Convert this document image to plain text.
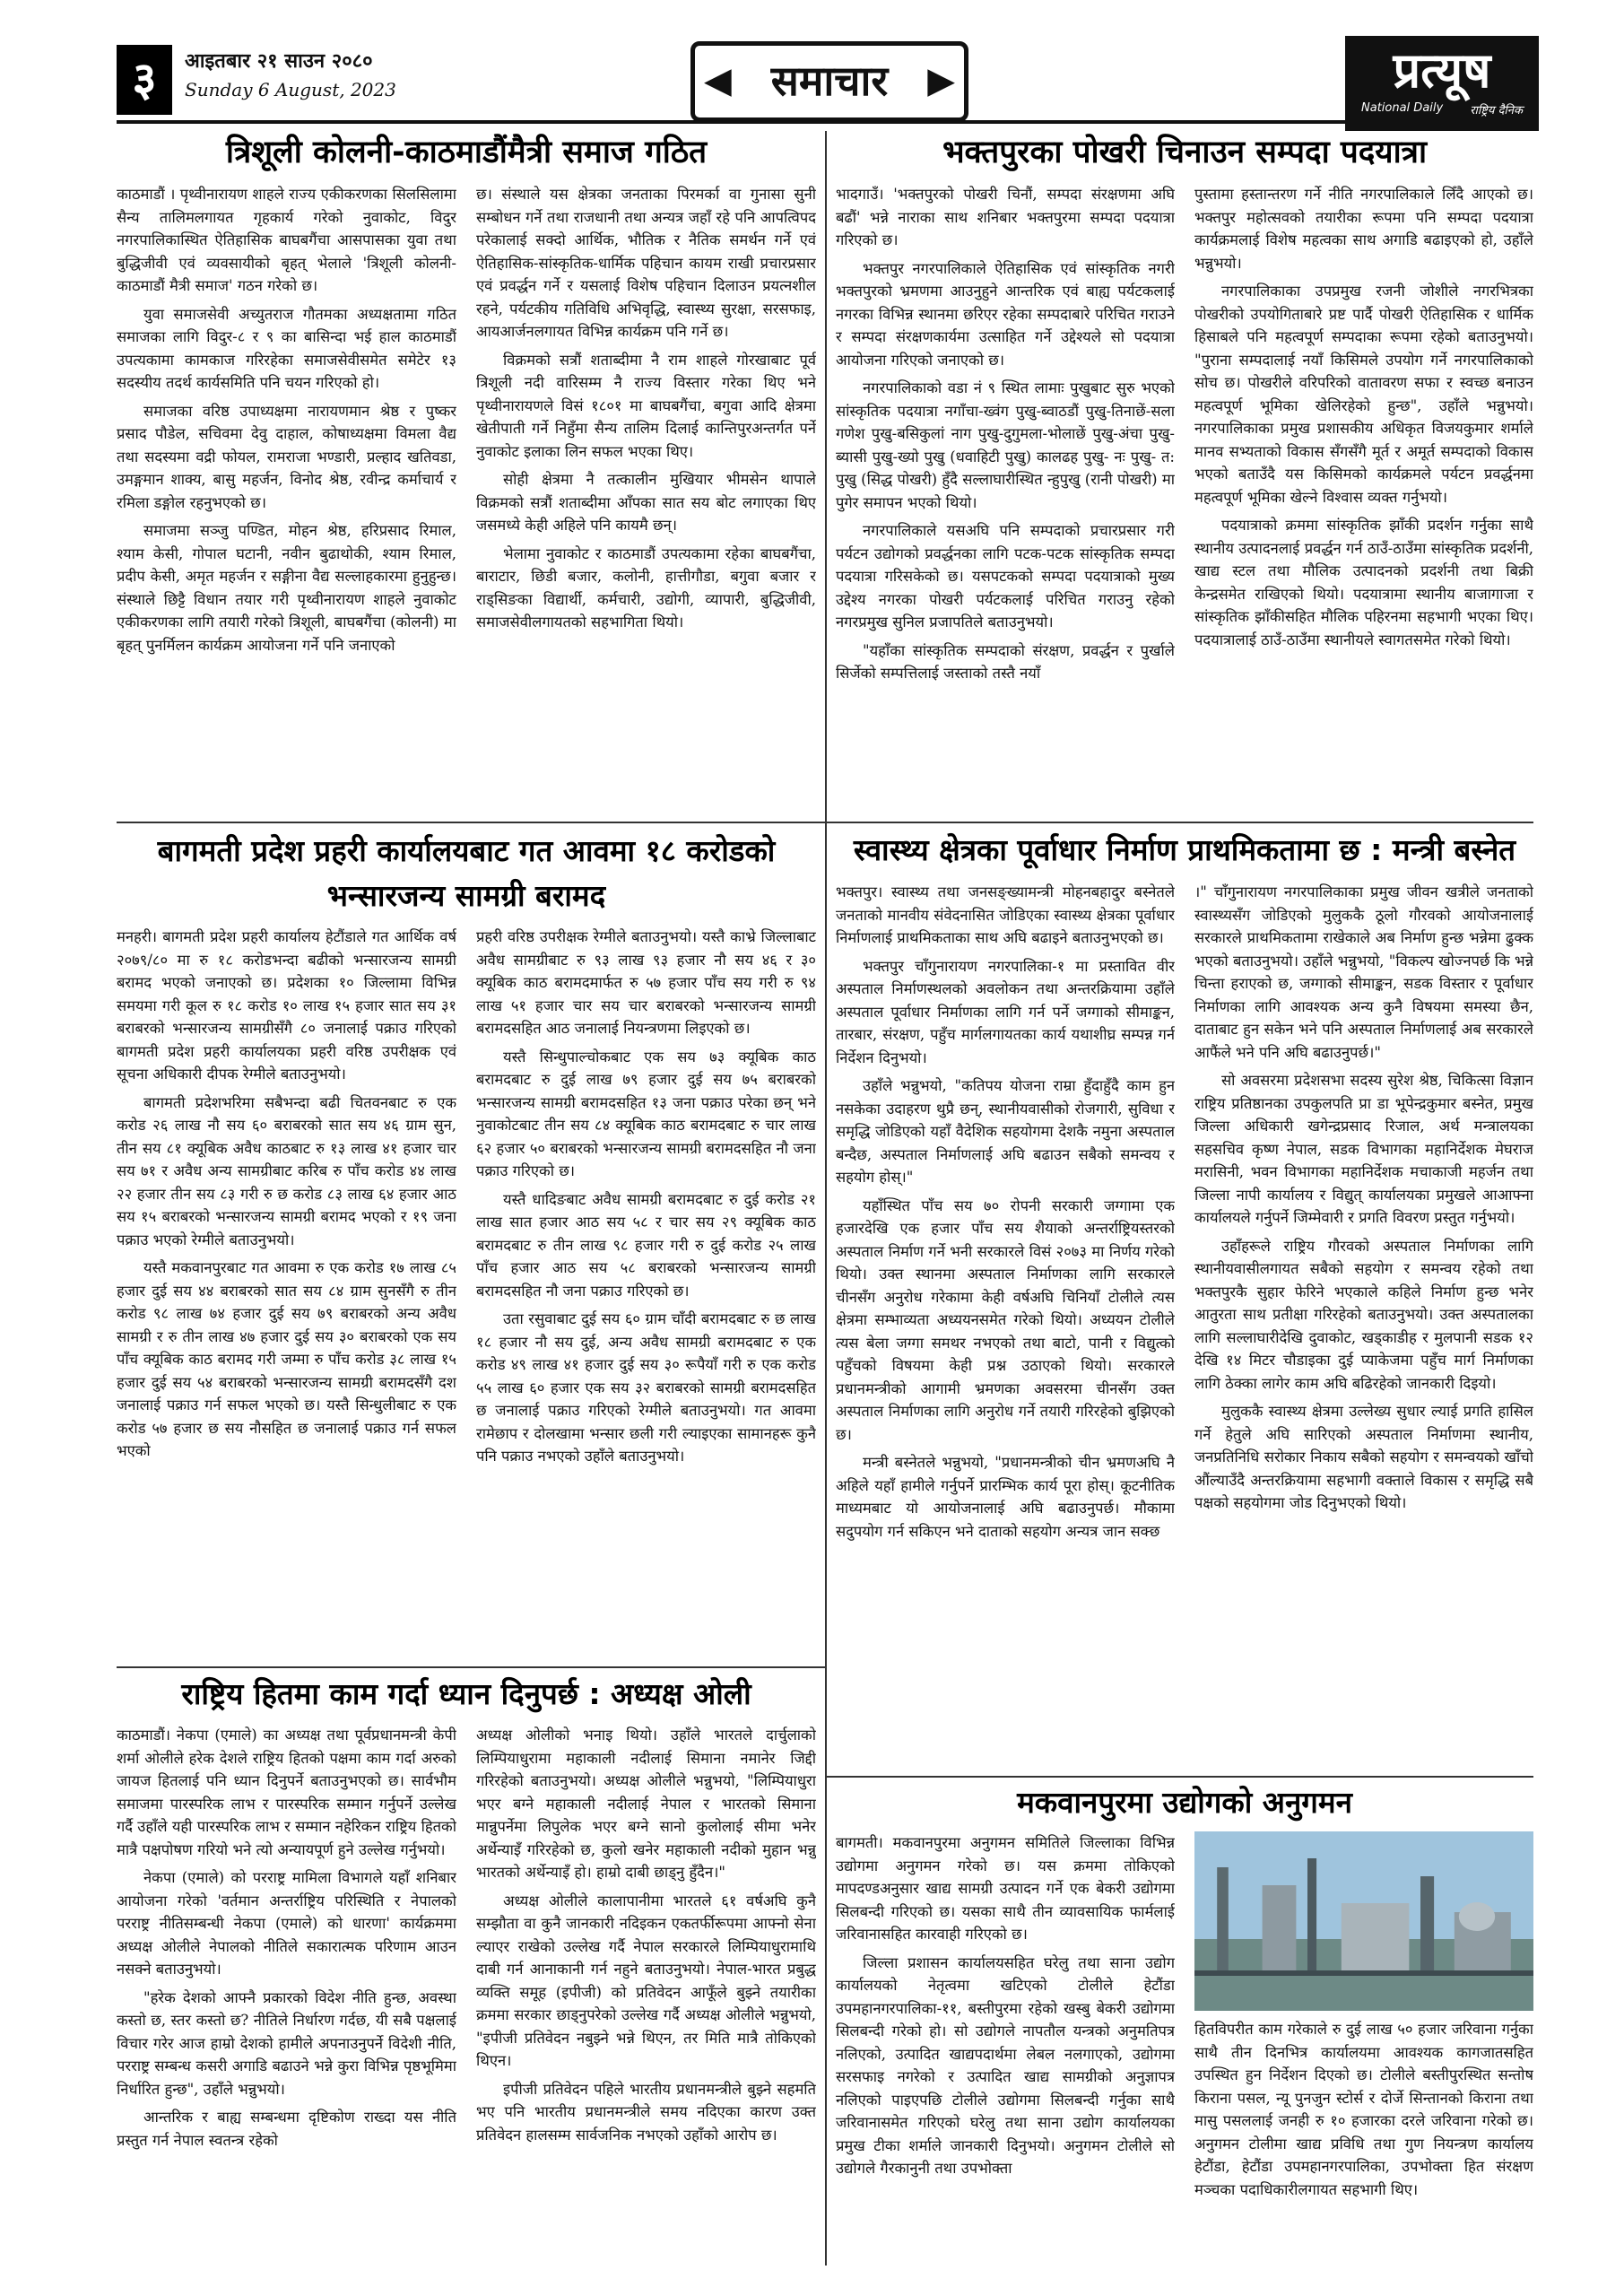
३	आइतबार २१ साउन २०८०
Sunday 6 August, 2023	◀ समाचार ▶	प्रत्यूष
National Daily राष्ट्रिय दैनिक
त्रिशूली कोलनी-काठमाडौंमैत्री समाज गठित

काठमाडौं । पृथ्वीनारायण शाहले राज्य एकीकरणका सिलसिलामा सैन्य तालिमलगायत गृहकार्य गरेको नुवाकोट, विदुर नगरपालिकास्थित ऐतिहासिक बाघबगैंचा आसपासका युवा तथा बुद्धिजीवी एवं व्यवसायीको बृहत् भेलाले 'त्रिशूली कोलनी-काठमाडौं मैत्री समाज' गठन गरेको छ।

युवा समाजसेवी अच्युतराज गौतमका अध्यक्षतामा गठित समाजका लागि विदुर-८ र ९ का बासिन्दा भई हाल काठमाडौं उपत्यकामा कामकाज गरिरहेका समाजसेवीसमेत समेटेर १३ सदस्यीय तदर्थ कार्यसमिति पनि चयन गरिएको हो।

समाजका वरिष्ठ उपाध्यक्षमा नारायणमान श्रेष्ठ र पुष्कर प्रसाद पौडेल, सचिवमा देवु दाहाल, कोषाध्यक्षमा विमला वैद्य तथा सदस्यमा वद्री फोयल, रामराजा भण्डारी, प्रल्हाद खतिवडा, उमङ्गमान शाक्य, बासु महर्जन, विनोद श्रेष्ठ, रवीन्द्र कर्माचार्य र रमिला डङ्गोल रहनुभएको छ।

समाजमा सञ्जु पण्डित, मोहन श्रेष्ठ, हरिप्रसाद रिमाल, श्याम केसी, गोपाल घटानी, नवीन बुढाथोकी, श्याम रिमाल, प्रदीप केसी, अमृत महर्जन र सङ्गीना वैद्य सल्लाहकारमा हुनुहुन्छ। संस्थाले छिट्टै विधान तयार गरी पृथ्वीनारायण शाहले नुवाकोट एकीकरणका लागि तयारी गरेको त्रिशूली, बाघबगैंचा (कोलनी) मा बृहत् पुनर्मिलन कार्यक्रम आयोजना गर्ने पनि जनाएको

छ। संस्थाले यस क्षेत्रका जनताका पिरमर्का वा गुनासा सुनी सम्बोधन गर्ने तथा राजधानी तथा अन्यत्र जहाँ रहे पनि आपत्विपद परेकालाई सक्दो आर्थिक, भौतिक र नैतिक समर्थन गर्ने एवं ऐतिहासिक-सांस्कृतिक-धार्मिक पहिचान कायम राखी प्रचारप्रसार एवं प्रवर्द्धन गर्ने र यसलाई विशेष पहिचान दिलाउन प्रयत्नशील रहने, पर्यटकीय गतिविधि अभिवृद्धि, स्वास्थ्य सुरक्षा, सरसफाइ, आयआर्जनलगायत विभिन्न कार्यक्रम पनि गर्ने छ।

विक्रमको सत्रौं शताब्दीमा नै राम शाहले गोरखाबाट पूर्व त्रिशूली नदी वारिसम्म नै राज्य विस्तार गरेका थिए भने पृथ्वीनारायणले विसं १८०१ मा बाघबगैंचा, बगुवा आदि क्षेत्रमा खेतीपाती गर्ने निहुँमा सैन्य तालिम दिलाई कान्तिपुरअन्तर्गत पर्ने नुवाकोट इलाका लिन सफल भएका थिए।

सोही क्षेत्रमा नै तत्कालीन मुखियार भीमसेन थापाले विक्रमको सत्रौं शताब्दीमा आँपका सात सय बोट लगाएका थिए जसमध्ये केही अहिले पनि कायमै छन्।

भेलामा नुवाकोट र काठमाडौं उपत्यकामा रहेका बाघबगैंचा, बाराटार, छिडी बजार, कलोनी, हात्तीगौडा, बगुवा बजार र राड्सिङका विद्यार्थी, कर्मचारी, उद्योगी, व्यापारी, बुद्धिजीवी, समाजसेवीलगायतको सहभागिता थियो।

भक्तपुरका पोखरी चिनाउन सम्पदा पदयात्रा

भादगाउँ। 'भक्तपुरको पोखरी चिनौं, सम्पदा संरक्षणमा अघि बढौं' भन्ने नाराका साथ शनिबार भक्तपुरमा सम्पदा पदयात्रा गरिएको छ।

भक्तपुर नगरपालिकाले ऐतिहासिक एवं सांस्कृतिक नगरी भक्तपुरको भ्रमणमा आउनुहुने आन्तरिक एवं बाह्य पर्यटकलाई नगरका विभिन्न स्थानमा छरिएर रहेका सम्पदाबारे परिचित गराउने र सम्पदा संरक्षणकार्यमा उत्साहित गर्ने उद्देश्यले सो पदयात्रा आयोजना गरिएको जनाएको छ।

नगरपालिकाको वडा नं ९ स्थित लामाः पुखुबाट सुरु भएको सांस्कृतिक पदयात्रा नगाँचा-ख्वंग पुखु-ब्वाठडौं पुखु-तिनाछें-सला गणेश पुखु-बसिकुलां नाग पुखु-दुगुमला-भोलाछें पुखु-अंचा पुखु- ब्यासी पुखु-ख्यो पुखु (धवाहिटी पुखु) कालढह पुखु- नः पुखु- त: पुखु (सिद्ध पोखरी) हुँदै सल्लाघारीस्थित न्हुपुखु (रानी पोखरी) मा पुगेर समापन भएको थियो।

नगरपालिकाले यसअघि पनि सम्पदाको प्रचारप्रसार गरी पर्यटन उद्योगको प्रवर्द्धनका लागि पटक-पटक सांस्कृतिक सम्पदा पदयात्रा गरिसकेको छ। यसपटकको सम्पदा पदयात्राको मुख्य उद्देश्य नगरका पोखरी पर्यटकलाई परिचित गराउनु रहेको नगरप्रमुख सुनिल प्रजापतिले बताउनुभयो।

"यहाँका सांस्कृतिक सम्पदाको संरक्षण, प्रवर्द्धन र पुर्खाले सिर्जेको सम्पत्तिलाई जस्ताको तस्तै नयाँ

पुस्तामा हस्तान्तरण गर्ने नीति नगरपालिकाले लिँदै आएको छ। भक्तपुर महोत्सवको तयारीका रूपमा पनि सम्पदा पदयात्रा कार्यक्रमलाई विशेष महत्वका साथ अगाडि बढाइएको हो, उहाँले भन्नुभयो।

नगरपालिकाका उपप्रमुख रजनी जोशीले नगरभित्रका पोखरीको उपयोगिताबारे प्रष्ट पार्दै पोखरी ऐतिहासिक र धार्मिक हिसाबले पनि महत्वपूर्ण सम्पदाका रूपमा रहेको बताउनुभयो। "पुराना सम्पदालाई नयाँ किसिमले उपयोग गर्ने नगरपालिकाको सोच छ। पोखरीले वरिपरिको वातावरण सफा र स्वच्छ बनाउन महत्वपूर्ण भूमिका खेलिरहेको हुन्छ", उहाँले भन्नुभयो। नगरपालिकाका प्रमुख प्रशासकीय अधिकृत विजयकुमार शर्माले मानव सभ्यताको विकास सँगसँगै मूर्त र अमूर्त सम्पदाको विकास भएको बताउँदै यस किसिमको कार्यक्रमले पर्यटन प्रवर्द्धनमा महत्वपूर्ण भूमिका खेल्ने विश्वास व्यक्त गर्नुभयो।

पदयात्राको क्रममा सांस्कृतिक झाँकी प्रदर्शन गर्नुका साथै स्थानीय उत्पादनलाई प्रवर्द्धन गर्न ठाउँ-ठाउँमा सांस्कृतिक प्रदर्शनी, खाद्य स्टल तथा मौलिक उत्पादनको प्रदर्शनी तथा बिक्री केन्द्रसमेत राखिएको थियो। पदयात्रामा स्थानीय बाजागाजा र सांस्कृतिक झाँकीसहित मौलिक पहिरनमा सहभागी भएका थिए। पदयात्रालाई ठाउँ-ठाउँमा स्थानीयले स्वागतसमेत गरेको थियो।

बागमती प्रदेश प्रहरी कार्यालयबाट गत आवमा १८ करोडको भन्सारजन्य सामग्री बरामद

मनहरी। बागमती प्रदेश प्रहरी कार्यालय हेटौंडाले गत आर्थिक वर्ष २०७९/८० मा रु १८ करोडभन्दा बढीको भन्सारजन्य सामग्री बरामद भएको जनाएको छ। प्रदेशका १० जिल्लामा विभिन्न समयमा गरी कूल रु १८ करोड १० लाख १५ हजार सात सय ३१ बराबरको भन्सारजन्य सामग्रीसँगै ८० जनालाई पक्राउ गरिएको बागमती प्रदेश प्रहरी कार्यालयका प्रहरी वरिष्ठ उपरीक्षक एवं सूचना अधिकारी दीपक रेग्मीले बताउनुभयो।

बागमती प्रदेशभरिमा सबैभन्दा बढी चितवनबाट रु एक करोड २६ लाख नौ सय ६० बराबरको सात सय ४६ ग्राम सुन, तीन सय ८१ क्यूबिक अवैध काठबाट रु १३ लाख ४१ हजार चार सय ७१ र अवैध अन्य सामग्रीबाट करिब रु पाँच करोड ४४ लाख २२ हजार तीन सय ८३ गरी रु छ करोड ८३ लाख ६४ हजार आठ सय १५ बराबरको भन्सारजन्य सामग्री बरामद भएको र १९ जना पक्राउ भएको रेग्मीले बताउनुभयो।

यस्तै मकवानपुरबाट गत आवमा रु एक करोड १७ लाख ८५ हजार दुई सय ४४ बराबरको सात सय ८४ ग्राम सुनसँगै रु तीन करोड ९८ लाख ७४ हजार दुई सय ७९ बराबरको अन्य अवैध सामग्री र रु तीन लाख ४७ हजार दुई सय ३० बराबरको एक सय पाँच क्यूबिक काठ बरामद गरी जम्मा रु पाँच करोड ३८ लाख १५ हजार दुई सय ५४ बराबरको भन्सारजन्य सामग्री बरामदसँगै दश जनालाई पक्राउ गर्न सफल भएको छ। यस्तै सिन्धुलीबाट रु एक करोड ५७ हजार छ सय नौसहित छ जनालाई पक्राउ गर्न सफल भएको

प्रहरी वरिष्ठ उपरीक्षक रेग्मीले बताउनुभयो। यस्तै काभ्रे जिल्लाबाट अवैध सामग्रीबाट रु ९३ लाख ९३ हजार नौ सय ४६ र ३० क्यूबिक काठ बरामदमार्फत रु ५७ हजार पाँच सय गरी रु ९४ लाख ५१ हजार चार सय चार बराबरको भन्सारजन्य सामग्री बरामदसहित आठ जनालाई नियन्त्रणमा लिइएको छ।

यस्तै सिन्धुपाल्चोकबाट एक सय ७३ क्यूबिक काठ बरामदबाट रु दुई लाख ७९ हजार दुई सय ७५ बराबरको भन्सारजन्य सामग्री बरामदसहित १३ जना पक्राउ परेका छन् भने नुवाकोटबाट तीन सय ८४ क्यूबिक काठ बरामदबाट रु चार लाख ६२ हजार ५० बराबरको भन्सारजन्य सामग्री बरामदसहित नौ जना पक्राउ गरिएको छ।

यस्तै धादिङबाट अवैध सामग्री बरामदबाट रु दुई करोड २१ लाख सात हजार आठ सय ५८ र चार सय २९ क्यूबिक काठ बरामदबाट रु तीन लाख ९८ हजार गरी रु दुई करोड २५ लाख पाँच हजार आठ सय ५८ बराबरको भन्सारजन्य सामग्री बरामदसहित नौ जना पक्राउ गरिएको छ।

उता रसुवाबाट दुई सय ६० ग्राम चाँदी बरामदबाट रु छ लाख १८ हजार नौ सय दुई, अन्य अवैध सामग्री बरामदबाट रु एक करोड ४९ लाख ४१ हजार दुई सय ३० रूपैयाँ गरी रु एक करोड ५५ लाख ६० हजार एक सय ३२ बराबरको सामग्री बरामदसहित छ जनालाई पक्राउ गरिएको रेग्मीले बताउनुभयो। गत आवमा रामेछाप र दोलखामा भन्सार छली गरी ल्याइएका सामानहरू कुनै पनि पक्राउ नभएको उहाँले बताउनुभयो।

स्वास्थ्य क्षेत्रका पूर्वाधार निर्माण प्राथमिकतामा छ : मन्त्री बस्नेत

भक्तपुर। स्वास्थ्य तथा जनसङ्ख्यामन्त्री मोहनबहादुर बस्नेतले जनताको मानवीय संवेदनासित जोडिएका स्वास्थ्य क्षेत्रका पूर्वाधार निर्माणलाई प्राथमिकताका साथ अघि बढाइने बताउनुभएको छ।

भक्तपुर चाँगुनारायण नगरपालिका-१ मा प्रस्तावित वीर अस्पताल निर्माणस्थलको अवलोकन तथा अन्तरक्रियामा उहाँले अस्पताल पूर्वाधार निर्माणका लागि गर्न पर्ने जग्गाको सीमाङ्कन, तारबार, संरक्षण, पहुँच मार्गलगायतका कार्य यथाशीघ्र सम्पन्न गर्न निर्देशन दिनुभयो।

उहाँले भन्नुभयो, "कतिपय योजना राम्रा हुँदाहुँदै काम हुन नसकेका उदाहरण थुप्रै छन्, स्थानीयवासीको रोजगारी, सुविधा र समृद्धि जोडिएको यहाँ वैदेशिक सहयोगमा देशकै नमुना अस्पताल बन्दैछ, अस्पताल निर्माणलाई अघि बढाउन सबैको समन्वय र सहयोग होस्।"

यहाँस्थित पाँच सय ७० रोपनी सरकारी जग्गामा एक हजारदेखि एक हजार पाँच सय शैयाको अन्तर्राष्ट्रियस्तरको अस्पताल निर्माण गर्ने भनी सरकारले विसं २०७३ मा निर्णय गरेको थियो। उक्त स्थानमा अस्पताल निर्माणका लागि सरकारले चीनसँग अनुरोध गरेकामा केही वर्षअघि चिनियाँ टोलीले त्यस क्षेत्रमा सम्भाव्यता अध्ययनसमेत गरेको थियो। अध्ययन टोलीले त्यस बेला जग्गा समथर नभएको तथा बाटो, पानी र विद्युत्को पहुँचको विषयमा केही प्रश्न उठाएको थियो। सरकारले प्रधानमन्त्रीको आगामी भ्रमणका अवसरमा चीनसँग उक्त अस्पताल निर्माणका लागि अनुरोध गर्ने तयारी गरिरहेको बुझिएको छ।

मन्त्री बस्नेतले भन्नुभयो, "प्रधानमन्त्रीको चीन भ्रमणअघि नै अहिले यहाँ हामीले गर्नुपर्ने प्रारम्भिक कार्य पूरा होस्। कूटनीतिक माध्यमबाट यो आयोजनालाई अघि बढाउनुपर्छ। मौकामा सदुपयोग गर्न सकिएन भने दाताको सहयोग अन्यत्र जान सक्छ

।" चाँगुनारायण नगरपालिकाका प्रमुख जीवन खत्रीले जनताको स्वास्थ्यसँग जोडिएको मुलुककै ठूलो गौरवको आयोजनालाई सरकारले प्राथमिकतामा राखेकाले अब निर्माण हुन्छ भन्नेमा ढुक्क भएको बताउनुभयो। उहाँले भन्नुभयो, "विकल्प खोज्नपर्छ कि भन्ने चिन्ता हराएको छ, जग्गाको सीमाङ्कन, सडक विस्तार र पूर्वाधार निर्माणका लागि आवश्यक अन्य कुनै विषयमा समस्या छैन, दाताबाट हुन सकेन भने पनि अस्पताल निर्माणलाई अब सरकारले आफैंले भने पनि अघि बढाउनुपर्छ।"

सो अवसरमा प्रदेशसभा सदस्य सुरेश श्रेष्ठ, चिकित्सा विज्ञान राष्ट्रिय प्रतिष्ठानका उपकुलपति प्रा डा भूपेन्द्रकुमार बस्नेत, प्रमुख जिल्ला अधिकारी खगेन्द्रप्रसाद रिजाल, अर्थ मन्त्रालयका सहसचिव कृष्ण नेपाल, सडक विभागका महानिर्देशक मेघराज मरासिनी, भवन विभागका महानिर्देशक मचाकाजी महर्जन तथा जिल्ला नापी कार्यालय र विद्युत् कार्यालयका प्रमुखले आआफ्ना कार्यालयले गर्नुपर्ने जिम्मेवारी र प्रगति विवरण प्रस्तुत गर्नुभयो।

उहाँहरूले राष्ट्रिय गौरवको अस्पताल निर्माणका लागि स्थानीयवासीलगायत सबैको सहयोग र समन्वय रहेको तथा भक्तपुरकै सुहार फेरिने भएकाले कहिले निर्माण हुन्छ भनेर आतुरता साथ प्रतीक्षा गरिरहेको बताउनुभयो। उक्त अस्पतालका लागि सल्लाघारीदेखि दुवाकोट, खड्काडीह र मुलपानी सडक १२ देखि १४ मिटर चौडाइका दुई प्याकेजमा पहुँच मार्ग निर्माणका लागि ठेक्का लागेर काम अघि बढिरहेको जानकारी दिइयो।

मुलुककै स्वास्थ्य क्षेत्रमा उल्लेख्य सुधार ल्याई प्रगति हासिल गर्ने हेतुले अघि सारिएको अस्पताल निर्माणमा स्थानीय, जनप्रतिनिधि सरोकार निकाय सबैको सहयोग र समन्वयको खाँचो औंल्याउँदै अन्तरक्रियामा सहभागी वक्ताले विकास र समृद्धि सबै पक्षको सहयोगमा जोड दिनुभएको थियो।

राष्ट्रिय हितमा काम गर्दा ध्यान दिनुपर्छ : अध्यक्ष ओली

काठमाडौं। नेकपा (एमाले) का अध्यक्ष तथा पूर्वप्रधानमन्त्री केपी शर्मा ओलीले हरेक देशले राष्ट्रिय हितको पक्षमा काम गर्दा अरुको जायज हितलाई पनि ध्यान दिनुपर्ने बताउनुभएको छ। सार्वभौम समाजमा पारस्परिक लाभ र पारस्परिक सम्मान गर्नुपर्ने उल्लेख गर्दै उहाँले यही पारस्परिक लाभ र सम्मान नहेरिकन राष्ट्रिय हितको मात्रै पक्षपोषण गरियो भने त्यो अन्यायपूर्ण हुने उल्लेख गर्नुभयो।

नेकपा (एमाले) को परराष्ट्र मामिला विभागले यहाँ शनिबार आयोजना गरेको 'वर्तमान अन्तर्राष्ट्रिय परिस्थिति र नेपालको परराष्ट्र नीतिसम्बन्धी नेकपा (एमाले) को धारणा' कार्यक्रममा अध्यक्ष ओलीले नेपालको नीतिले सकारात्मक परिणाम आउन नसक्ने बताउनुभयो।

"हरेक देशको आफ्नै प्रकारको विदेश नीति हुन्छ, अवस्था कस्तो छ, स्तर कस्तो छ? नीतिले निर्धारण गर्दछ, यी सबै पक्षलाई विचार गरेर आज हाम्रो देशको हामीले अपनाउनुपर्ने विदेशी नीति, परराष्ट्र सम्बन्ध कसरी अगाडि बढाउने भन्ने कुरा विभिन्न पृष्ठभूमिमा निर्धारित हुन्छ", उहाँले भन्नुभयो।

आन्तरिक र बाह्य सम्बन्धमा दृष्टिकोण राख्दा यस नीति प्रस्तुत गर्न नेपाल स्वतन्त्र रहेको

अध्यक्ष ओलीको भनाइ थियो। उहाँले भारतले दार्चुलाको लिम्पियाधुरामा महाकाली नदीलाई सिमाना नमानेर जिद्दी गरिरहेको बताउनुभयो। अध्यक्ष ओलीले भन्नुभयो, "लिम्पियाधुरा भएर बग्ने महाकाली नदीलाई नेपाल र भारतको सिमाना मान्नुपर्नेमा लिपुलेक भएर बग्ने सानो कुलोलाई सीमा भनेर अर्थेन्याइँ गरिरहेको छ, कुलो खनेर महाकाली नदीको मुहान भन्नु भारतको अर्थेन्याइँ हो। हाम्रो दाबी छाड्नु हुँदैन।"

अध्यक्ष ओलीले कालापानीमा भारतले ६१ वर्षअघि कुनै सम्झौता वा कुनै जानकारी नदिइकन एकतर्फीरूपमा आफ्नो सेना ल्याएर राखेको उल्लेख गर्दै नेपाल सरकारले लिम्पियाधुरामाथि दाबी गर्न आनाकानी गर्न नहुने बताउनुभयो। नेपाल-भारत प्रबुद्ध व्यक्ति समूह (इपीजी) को प्रतिवेदन आफूँले बुझ्ने तयारीका क्रममा सरकार छाड्नुपरेको उल्लेख गर्दै अध्यक्ष ओलीले भन्नुभयो, "इपीजी प्रतिवेदन नबुझ्ने भन्ने थिएन, तर मिति मात्रै तोकिएको थिएन।

इपीजी प्रतिवेदन पहिले भारतीय प्रधानमन्त्रीले बुझ्ने सहमति भए पनि भारतीय प्रधानमन्त्रीले समय नदिएका कारण उक्त प्रतिवेदन हालसम्म सार्वजनिक नभएको उहाँको आरोप छ।

मकवानपुरमा उद्योगको अनुगमन

बागमती। मकवानपुरमा अनुगमन समितिले जिल्लाका विभिन्न उद्योगमा अनुगमन गरेको छ। यस क्रममा तोकिएको मापदण्डअनुसार खाद्य सामग्री उत्पादन गर्ने एक बेकरी उद्योगमा सिलबन्दी गरिएको छ। यसका साथै तीन व्यावसायिक फार्मलाई जरिवानासहित कारवाही गरिएको छ।

जिल्ला प्रशासन कार्यालयसहित घरेलु तथा साना उद्योग कार्यालयको नेतृत्वमा खटिएको टोलीले हेटौंडा उपमहानगरपालिका-११, बस्तीपुरमा रहेको खस्बु बेकरी उद्योगमा सिलबन्दी गरेको हो। सो उद्योगले नापतौल यन्त्रको अनुमतिपत्र नलिएको, उत्पादित खाद्यपदार्थमा लेबल नलगाएको, उद्योगमा सरसफाइ नगरेको र उत्पादित खाद्य सामग्रीको अनुज्ञापत्र नलिएको पाइएपछि टोलीले उद्योगमा सिलबन्दी गर्नुका साथै जरिवानासमेत गरिएको घरेलु तथा साना उद्योग कार्यालयका प्रमुख टीका शर्माले जानकारी दिनुभयो। अनुगमन टोलीले सो उद्योगले गैरकानुनी तथा उपभोक्ता

हितविपरीत काम गरेकाले रु दुई लाख ५० हजार जरिवाना गर्नुका साथै तीन दिनभित्र कार्यालयमा आवश्यक कागजातसहित उपस्थित हुन निर्देशन दिएको छ। टोलीले बस्तीपुरस्थित सन्तोष किराना पसल, न्यू पुनजुन स्टोर्स र दोर्जे सिन्तानको किराना तथा मासु पसललाई जनही रु १० हजारका दरले जरिवाना गरेको छ। अनुगमन टोलीमा खाद्य प्रविधि तथा गुण नियन्त्रण कार्यालय हेटौंडा, हेटौंडा उपमहानगरपालिका, उपभोक्ता हित संरक्षण मञ्चका पदाधिकारीलगायत सहभागी थिए।
